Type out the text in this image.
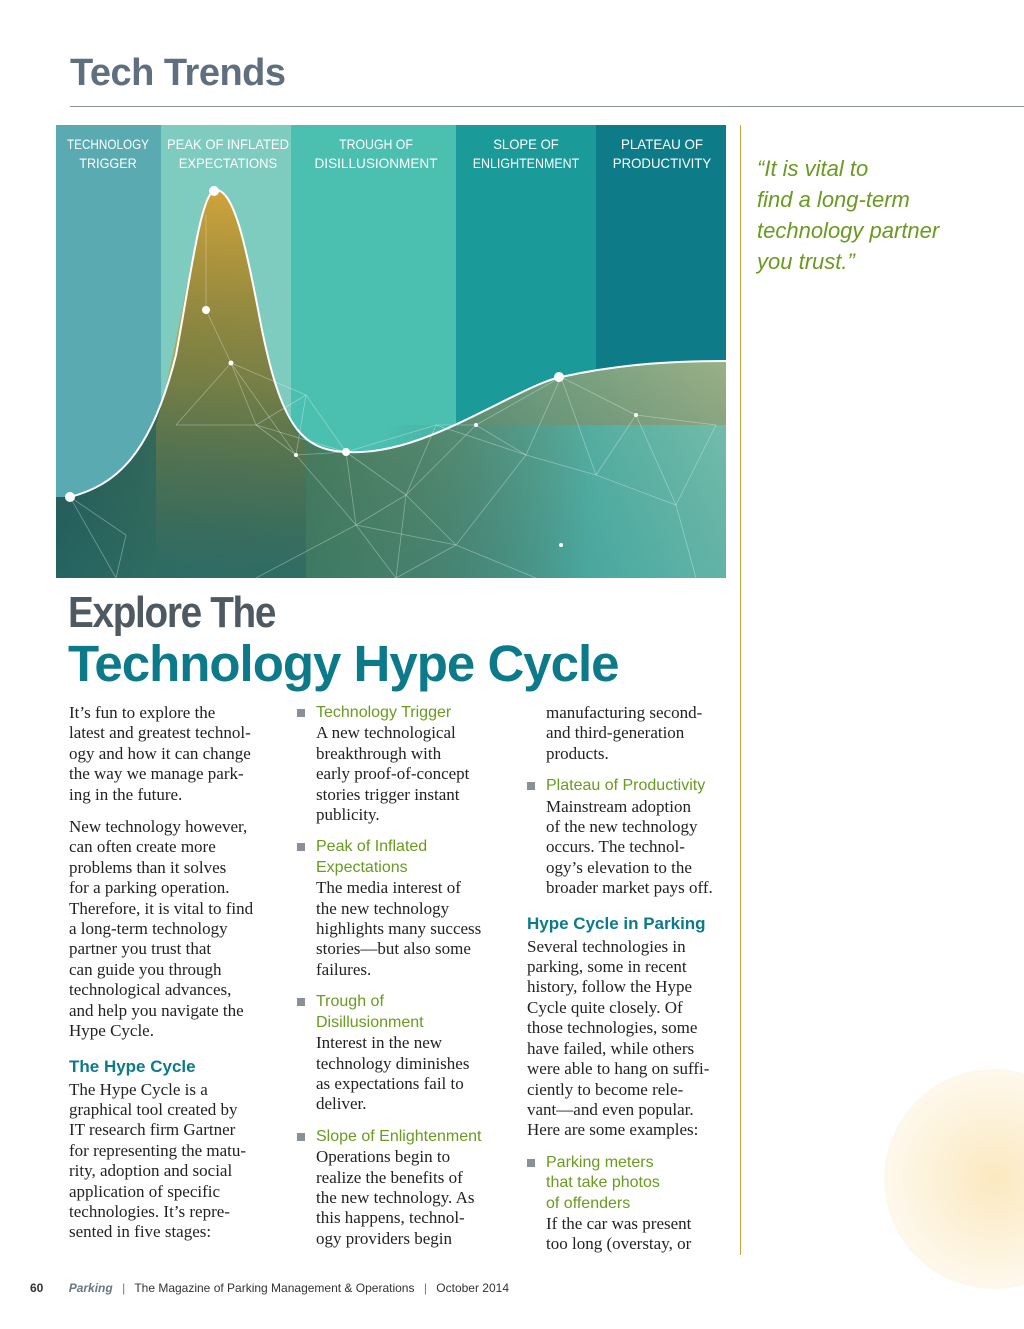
Tech Trends
TECHNOLOGY
TRIGGER
PEAK OF INFLATED
EXPECTATIONS
TROUGH OF
DISILLUSIONMENT
SLOPE OF
ENLIGHTENMENT
PLATEAU OF
PRODUCTIVITY “It is vital to
find a long-term
technology partner
you trust.”
Explore The
Technology Hype Cycle
It’s fun to explore the
latest and greatest technol-
ogy and how it can change
the way we manage park-
ing in the future.
New technology however,
can often create more
problems than it solves
for a parking operation.
Therefore, it is vital to find
a long-term technology
partner you trust that
can guide you through
technological advances,
and help you navigate the
Hype Cycle.
The Hype Cycle
The Hype Cycle is a
graphical tool created by
IT research firm Gartner
for representing the matu-
rity, adoption and social
application of specific
technologies. It’s repre-
sented in five stages:
Technology Trigger
A new technological
breakthrough with
early proof-of-concept
stories trigger instant
publicity.
Peak of Inflated
Expectations
The media interest of
the new technology
highlights many success
stories—but also some
failures.
Trough of
Disillusionment
Interest in the new
technology diminishes
as expectations fail to
deliver.
Slope of Enlightenment
Operations begin to
realize the benefits of
the new technology. As
this happens, technol-
ogy providers begin
manufacturing second-
and third-generation
products.
Plateau of Productivity
Mainstream adoption
of the new technology
occurs. The technol-
ogy’s elevation to the
broader market pays off.
Hype Cycle in Parking
Several technologies in
parking, some in recent
history, follow the Hype
Cycle quite closely. Of
those technologies, some
have failed, while others
were able to hang on suffi-
ciently to become rele-
vant—and even popular.
Here are some examples:
Parking meters
that take photos
of offenders
If the car was present
too long (overstay, or
60 Parking | The Magazine of Parking Management & Operations | October 2014
